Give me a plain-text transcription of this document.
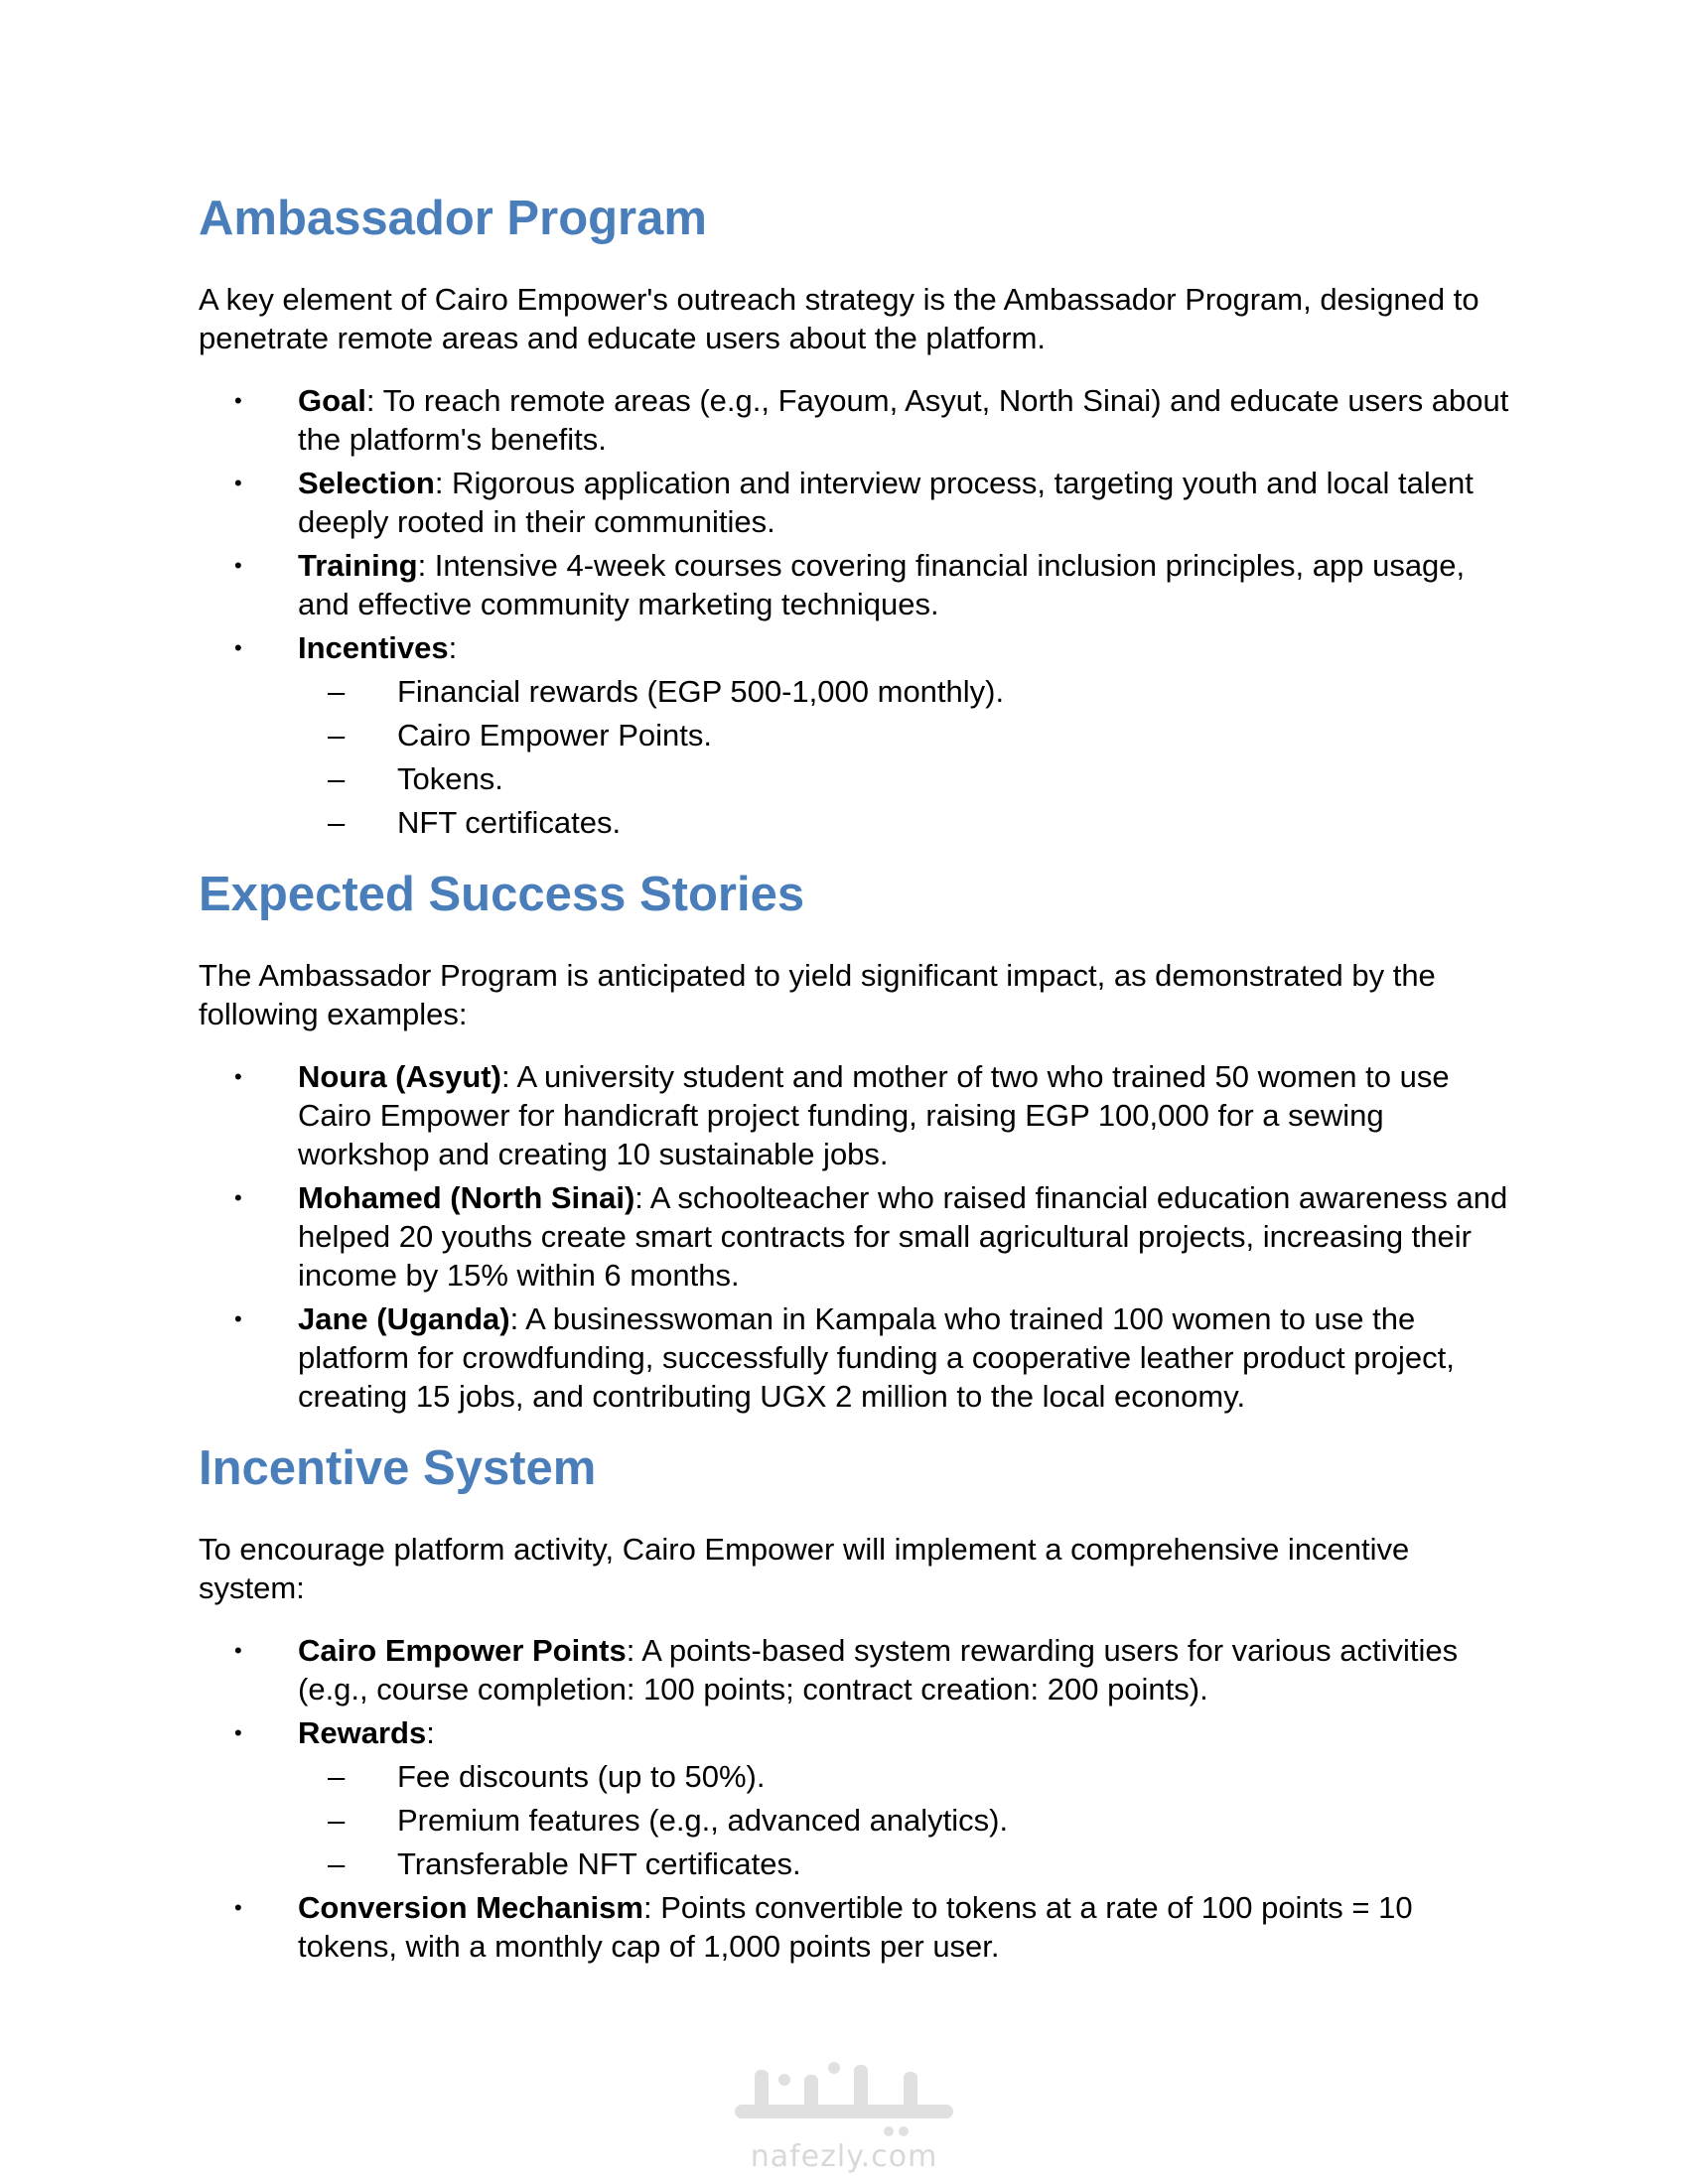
Ambassador Program

A key element of Cairo Empower's outreach strategy is the Ambassador Program, designed to penetrate remote areas and educate users about the platform.

• Goal: To reach remote areas (e.g., Fayoum, Asyut, North Sinai) and educate users about the platform's benefits.
• Selection: Rigorous application and interview process, targeting youth and local talent deeply rooted in their communities.
• Training: Intensive 4-week courses covering financial inclusion principles, app usage, and effective community marketing techniques.
• Incentives:
– Financial rewards (EGP 500-1,000 monthly).
– Cairo Empower Points.
– Tokens.
– NFT certificates.
Expected Success Stories

The Ambassador Program is anticipated to yield significant impact, as demonstrated by the following examples:

• Noura (Asyut): A university student and mother of two who trained 50 women to use Cairo Empower for handicraft project funding, raising EGP 100,000 for a sewing workshop and creating 10 sustainable jobs.
• Mohamed (North Sinai): A schoolteacher who raised financial education awareness and helped 20 youths create smart contracts for small agricultural projects, increasing their income by 15% within 6 months.
• Jane (Uganda): A businesswoman in Kampala who trained 100 women to use the platform for crowdfunding, successfully funding a cooperative leather product project, creating 15 jobs, and contributing UGX 2 million to the local economy.
Incentive System

To encourage platform activity, Cairo Empower will implement a comprehensive incentive system:

• Cairo Empower Points: A points-based system rewarding users for various activities (e.g., course completion: 100 points; contract creation: 200 points).
• Rewards:
– Fee discounts (up to 50%).
– Premium features (e.g., advanced analytics).
– Transferable NFT certificates.
• Conversion Mechanism: Points convertible to tokens at a rate of 100 points = 10 tokens, with a monthly cap of 1,000 points per user.
nafezly.com
